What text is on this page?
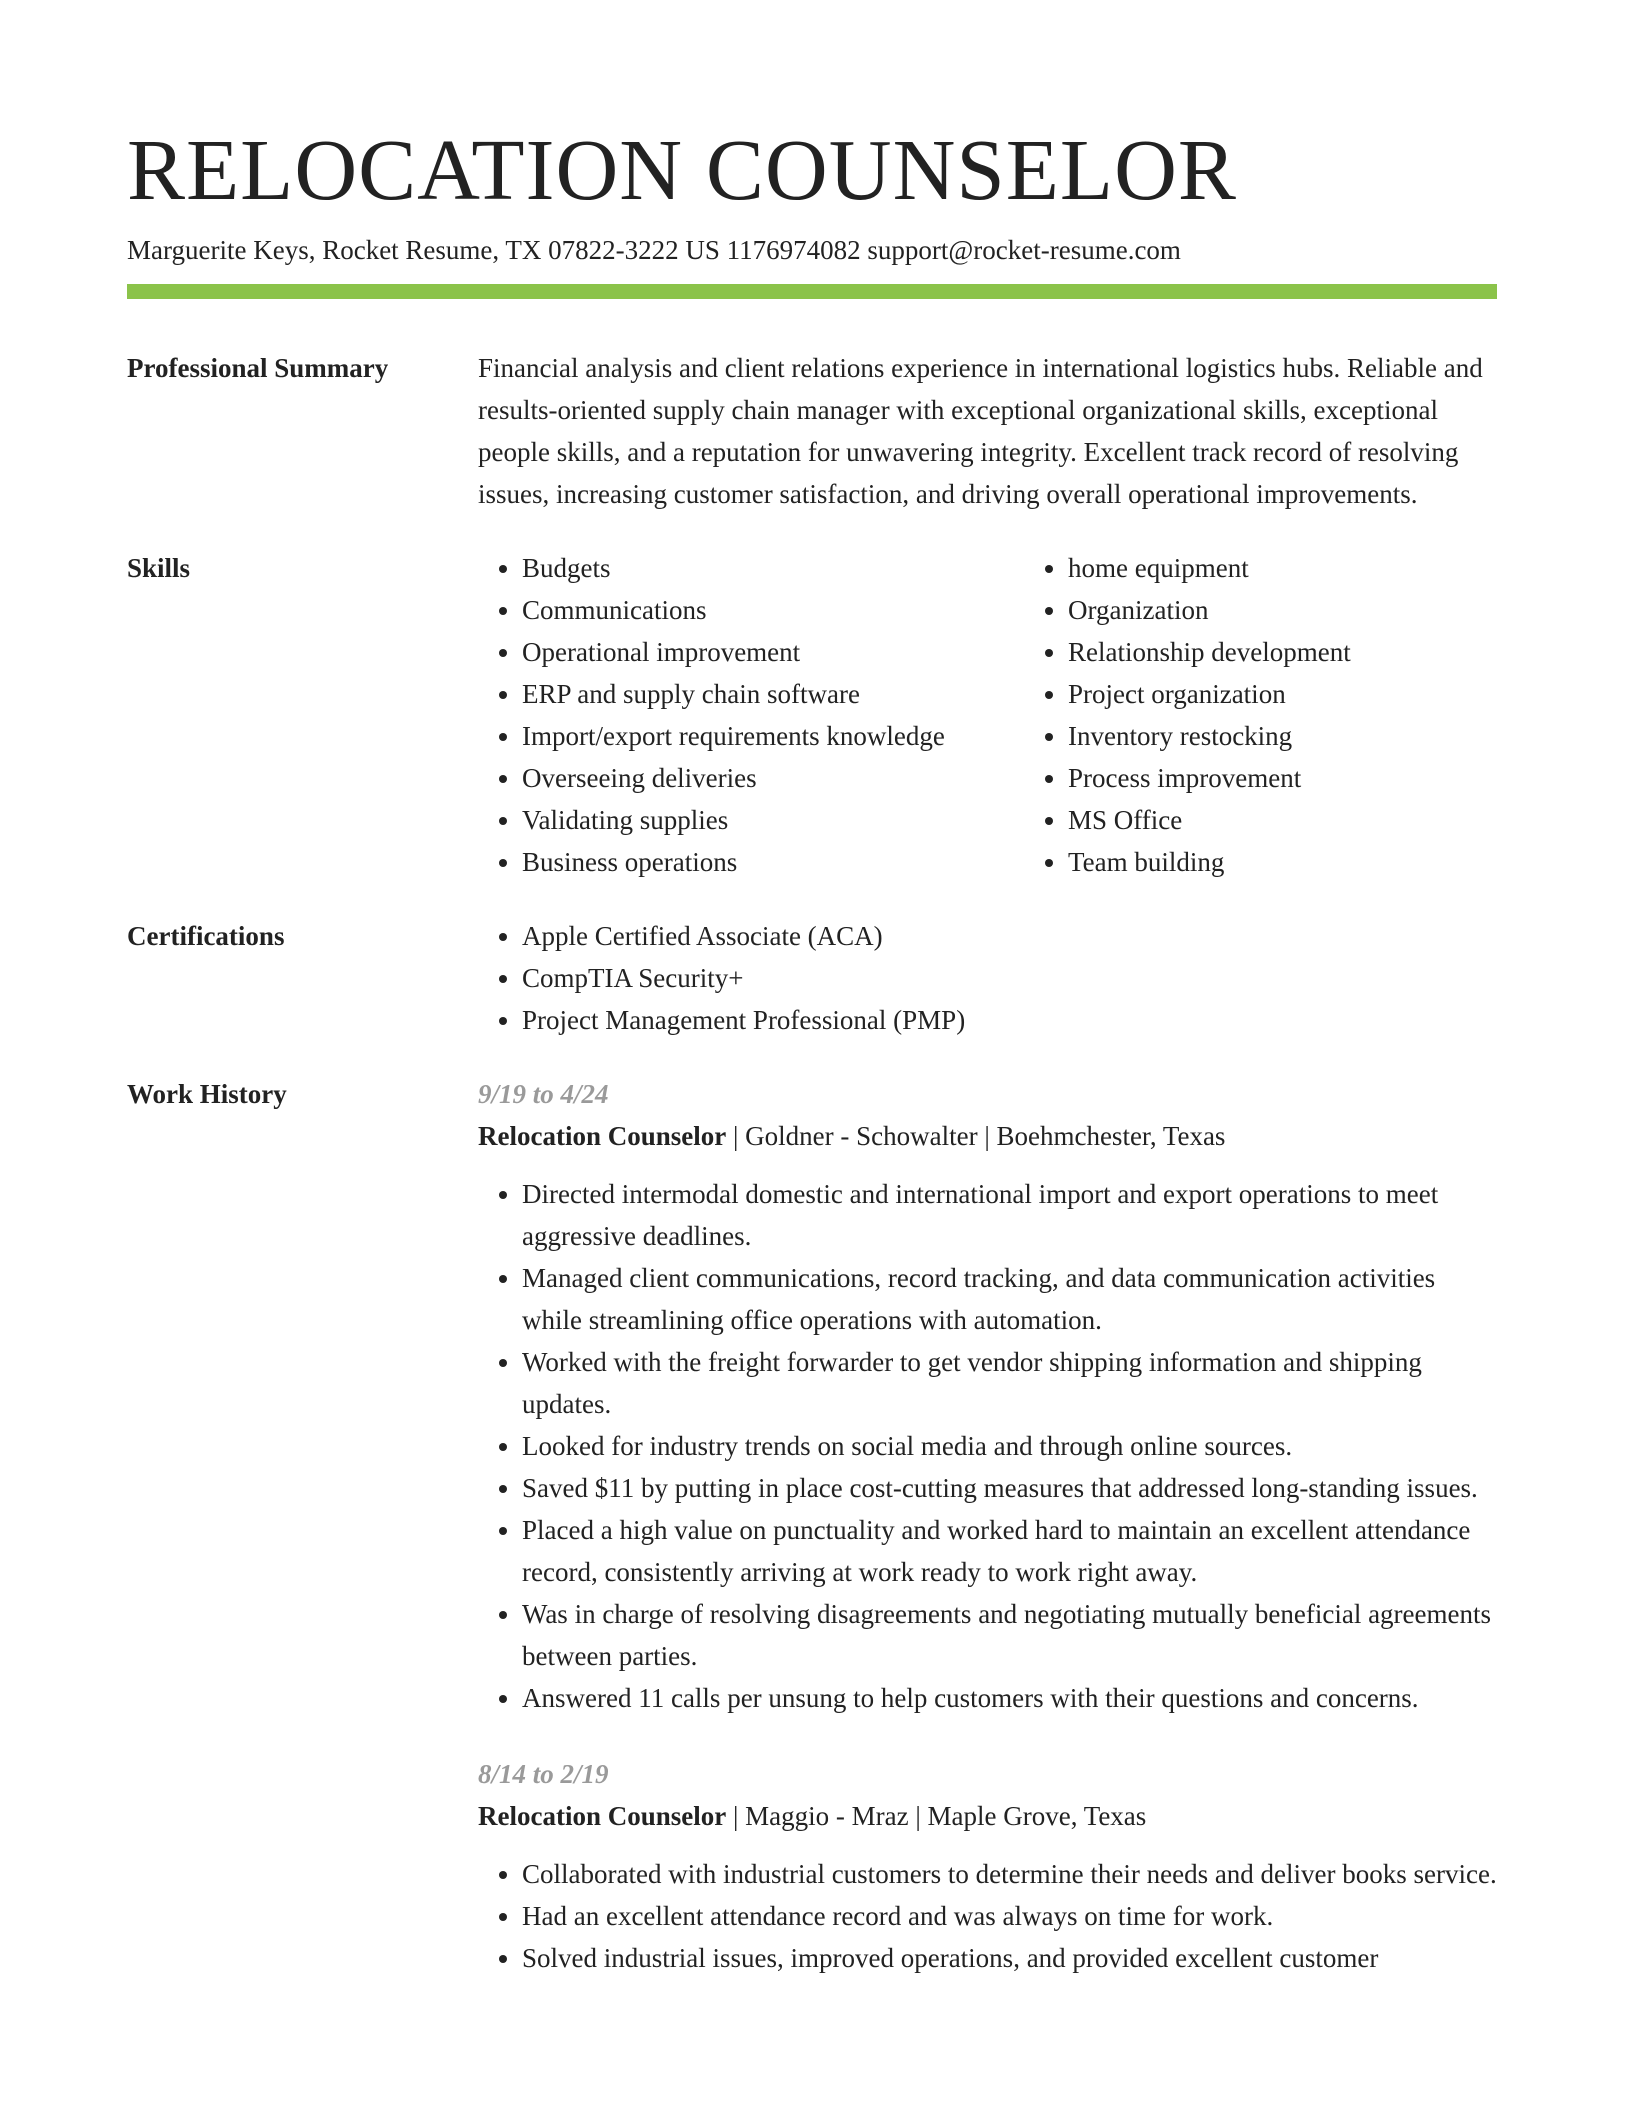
RELOCATION COUNSELOR

Marguerite Keys, Rocket Resume, TX 07822-3222 US 1176974082 support@rocket-resume.com

Professional Summary	Financial analysis and client relations experience in international logistics hubs. Reliable and results-oriented supply chain manager with exceptional organizational skills, exceptional people skills, and a reputation for unwavering integrity. Excellent track record of resolving issues, increasing customer satisfaction, and driving overall operational improvements.

Skills	• Budgets
• Communications
• Operational improvement
• ERP and supply chain software
• Import/export requirements knowledge
• Overseeing deliveries
• Validating supplies
• Business operations
• home equipment
• Organization
• Relationship development
• Project organization
• Inventory restocking
• Process improvement
• MS Office
• Team building
Certifications	• Apple Certified Associate (ACA)
• CompTIA Security+
• Project Management Professional (PMP)
Work History	9/19 to 4/24

Relocation Counselor | Goldner - Schowalter | Boehmchester, Texas

• Directed intermodal domestic and international import and export operations to meet aggressive deadlines.
• Managed client communications, record tracking, and data communication activities while streamlining office operations with automation.
• Worked with the freight forwarder to get vendor shipping information and shipping updates.
• Looked for industry trends on social media and through online sources.
• Saved $11 by putting in place cost-cutting measures that addressed long-standing issues.
• Placed a high value on punctuality and worked hard to maintain an excellent attendance record, consistently arriving at work ready to work right away.
• Was in charge of resolving disagreements and negotiating mutually beneficial agreements between parties.
• Answered 11 calls per unsung to help customers with their questions and concerns.

8/14 to 2/19

Relocation Counselor | Maggio - Mraz | Maple Grove, Texas

• Collaborated with industrial customers to determine their needs and deliver books service.
• Had an excellent attendance record and was always on time for work.
• Solved industrial issues, improved operations, and provided excellent customer
